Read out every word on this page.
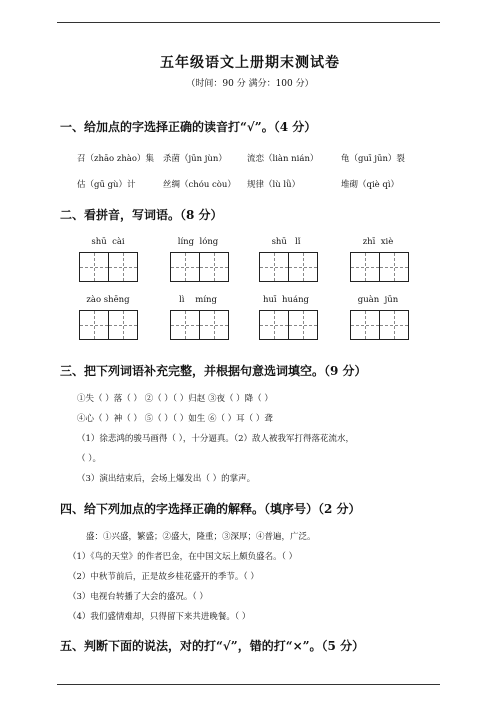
五年级语文上册期末测试卷
（时间：90 分 满分：100 分）
一、给加点的字选择正确的读音打“√”。（4 分）
召（zhāo zhào）集 杀菌（jūn jùn） 流恋（liàn nián）	龟（guī jūn）裂
估（gū gù）计	丝绸（chóu còu） 规律（lù lǜ）	堆砌（qiè qì）
二、看拼音，写词语。（8 分）
shū  cài	líng  lóng	shū   lǐ	zhī  xiè
zào shēng	lì    míng	huī  huáng	guàn  jūn
三、把下列词语补充完整，并根据句意选词填空。（9 分）
①失（ ）落（ ） ②（ ）（ ）归赵 ③夜（ ）降（ ）
④心（ ）神（ ） ⑤（ ）（ ）如生 ⑥（ ）耳（ ）聋
（1）徐悲鸿的骏马画得（ ），十分逼真。（2）敌人被我军打得落花流水，
（ ）。
（3）演出结束后，会场上爆发出（ ）的掌声。
四、给下列加点的字选择正确的解释。（填序号）（2 分）
盛：①兴盛，繁盛；②盛大，隆重；③深厚；④普遍，广泛。
（1）《鸟的天堂》的作者巴金，在中国文坛上颇负盛名。（ ）
（2）中秋节前后，正是故乡桂花盛开的季节。（ ）
（3）电视台转播了大会的盛况。（ ）
（4）我们盛情难却，只得留下来共进晚餐。（ ）
五、判断下面的说法，对的打“√”，错的打“×”。（5 分）
